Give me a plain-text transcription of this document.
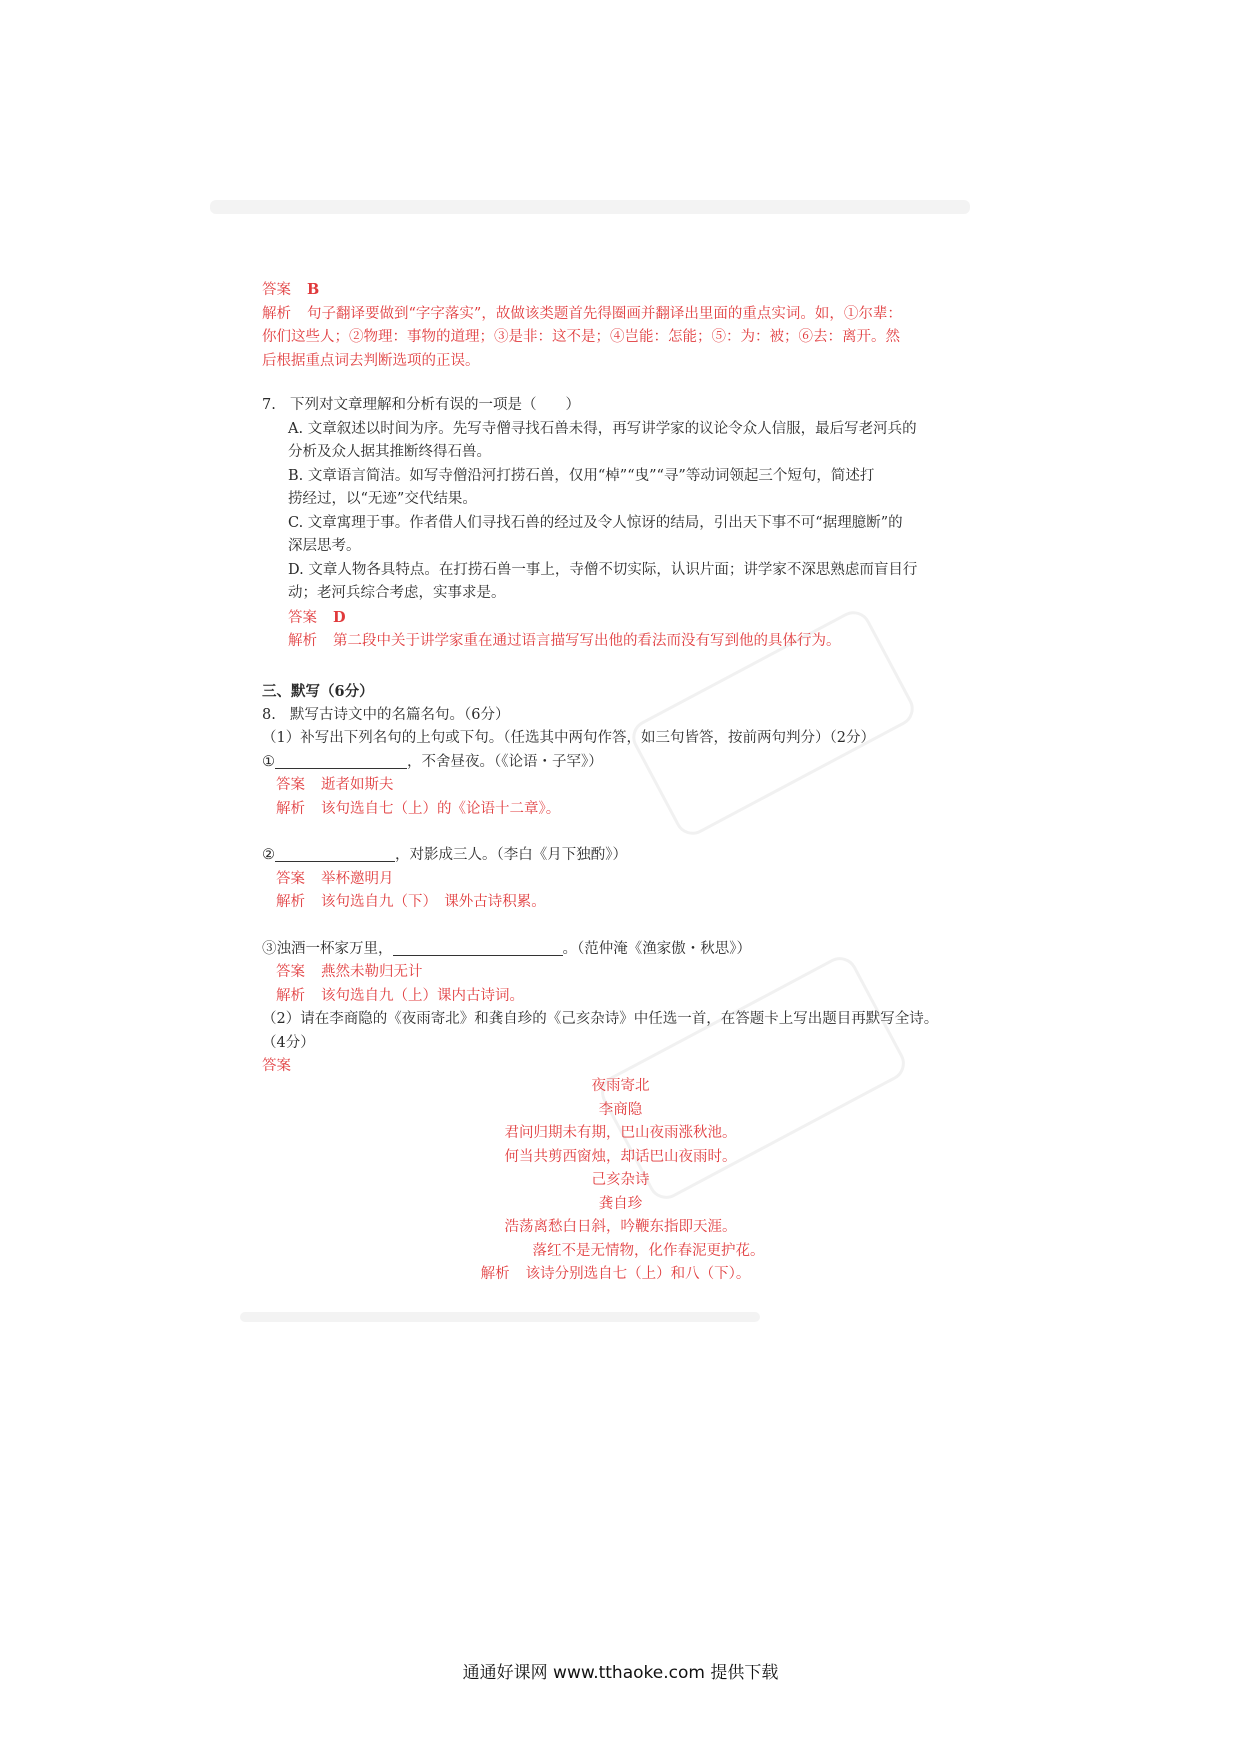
答案 B
解析 句子翻译要做到“字字落实”，故做该类题首先得圈画并翻译出里面的重点实词。如，①尔辈：
你们这些人；②物理：事物的道理；③是非：这不是；④岂能：怎能；⑤：为：被；⑥去：离开。然
后根据重点词去判断选项的正误。
7. 下列对文章理解和分析有误的一项是（　　）
A. 文章叙述以时间为序。先写寺僧寻找石兽未得，再写讲学家的议论令众人信服，最后写老河兵的
分析及众人据其推断终得石兽。
B. 文章语言简洁。如写寺僧沿河打捞石兽，仅用“棹”“曳”“寻”等动词领起三个短句，简述打
捞经过，以“无迹”交代结果。
C. 文章寓理于事。作者借人们寻找石兽的经过及令人惊讶的结局，引出天下事不可“据理臆断”的
深层思考。
D. 文章人物各具特点。在打捞石兽一事上，寺僧不切实际，认识片面；讲学家不深思熟虑而盲目行
动；老河兵综合考虑，实事求是。
答案 D
解析 第二段中关于讲学家重在通过语言描写写出他的看法而没有写到他的具体行为。
三、默写（6分）
8. 默写古诗文中的名篇名句。（6分）
（1）补写出下列名句的上句或下句。（任选其中两句作答，如三句皆答，按前两句判分）（2分）
①	，不舍昼夜。（《论语・子罕》）
答案 逝者如斯夫
解析 该句选自七（上）的《论语十二章》。
②	，对影成三人。（李白《月下独酌》）
答案 举杯邀明月
解析 该句选自九（下）　课外古诗积累。
③浊酒一杯家万里，	。（范仲淹《渔家傲・秋思》）
答案 燕然未勒归无计
解析 该句选自九（上）课内古诗词。
（2）请在李商隐的《夜雨寄北》和龚自珍的《己亥杂诗》中任选一首，在答题卡上写出题目再默写全诗。
（4分）
答案
夜雨寄北
李商隐
君问归期未有期，巴山夜雨涨秋池。
何当共剪西窗烛，却话巴山夜雨时。
己亥杂诗
龚自珍
浩荡离愁白日斜，吟鞭东指即天涯。
落红不是无情物，化作春泥更护花。
解析 该诗分别选自七（上）和八（下）。
通通好课网 www.tthaoke.com 提供下载
